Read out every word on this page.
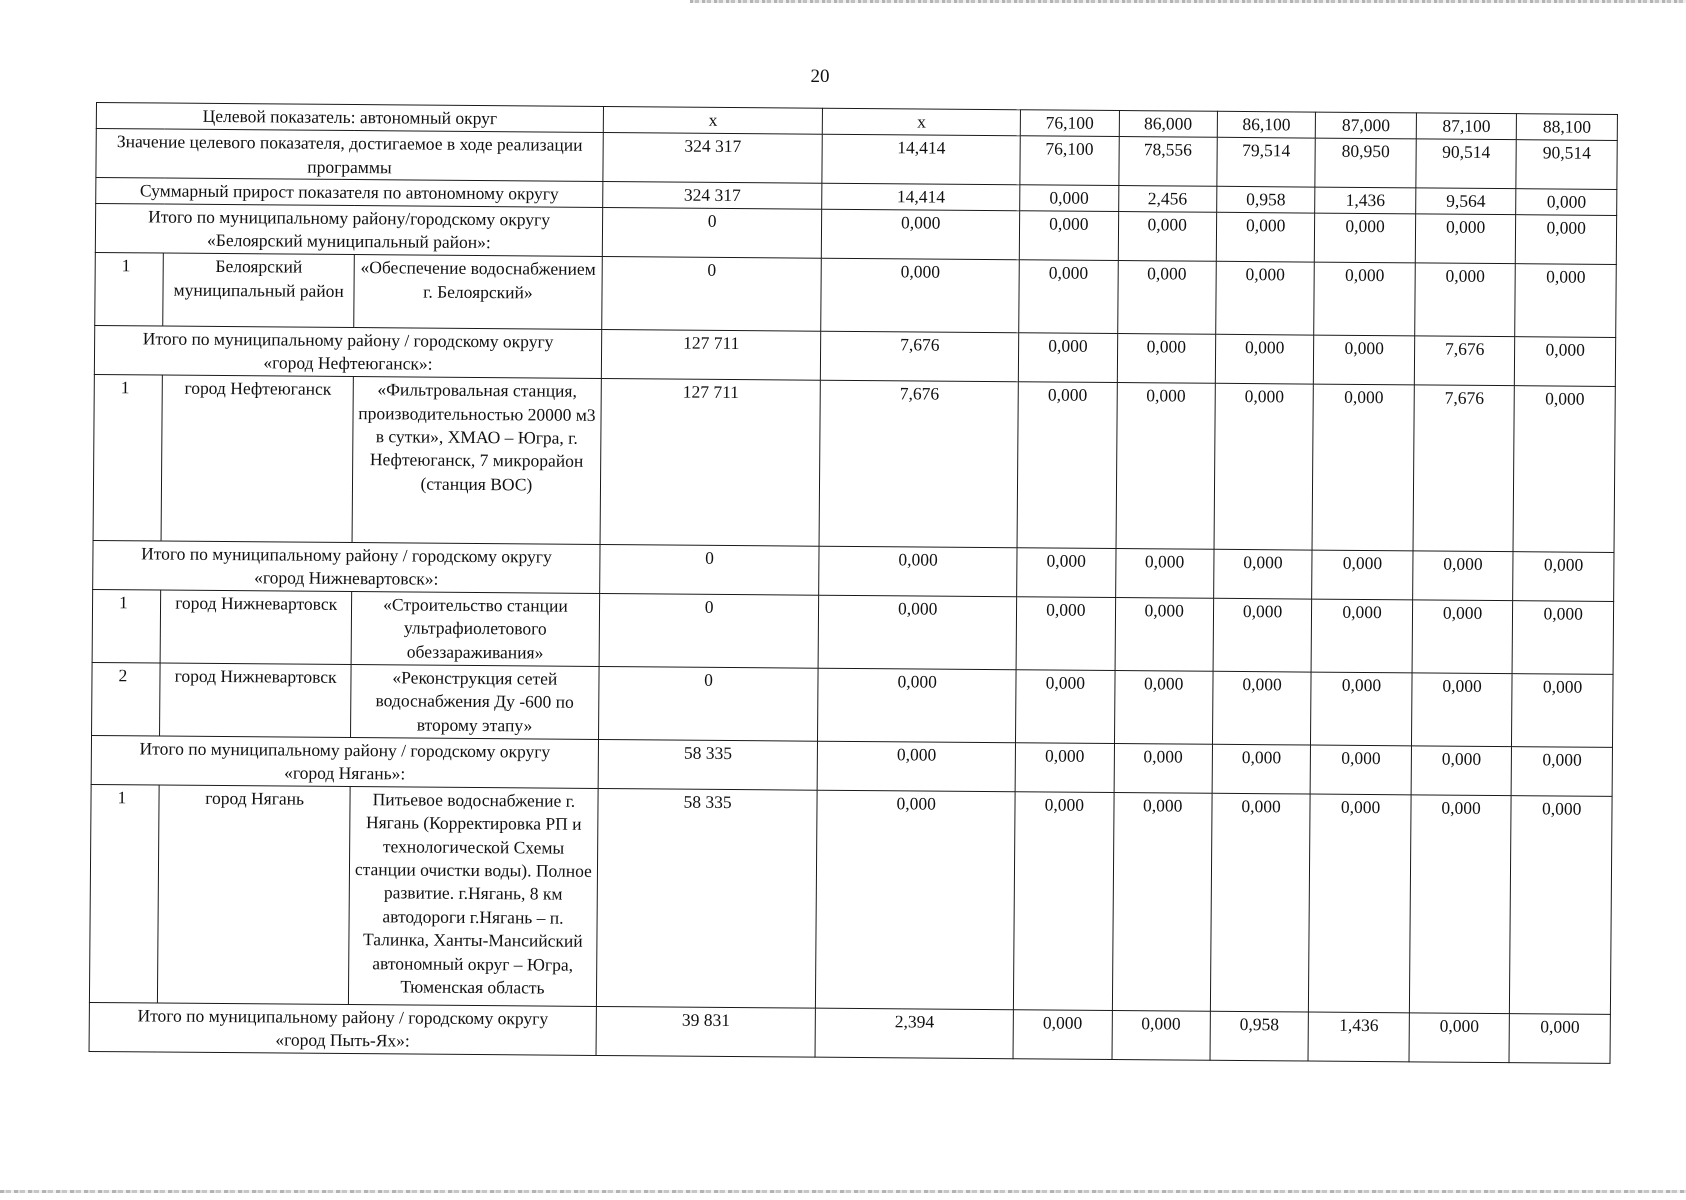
20
Целевой показатель: автономный округ			х	х	76,100	86,000	86,100	87,000	87,100	88,100
Значение целевого показателя, достигаемое в ходе реализации программы			324 317	14,414	76,100	78,556	79,514	80,950	90,514	90,514
Суммарный прирост показателя по автономному округу			324 317	14,414	0,000	2,456	0,958	1,436	9,564	0,000
Итого по муниципальному району/городскому округу
«Белоярский муниципальный район»:			0	0,000	0,000	0,000	0,000	0,000	0,000	0,000
1	Белоярский муниципальный район	«Обеспечение водоснабжением
г. Белоярский»	0	0,000	0,000	0,000	0,000	0,000	0,000	0,000
Итого по муниципальному району / городскому округу
«город Нефтеюганск»:			127 711	7,676	0,000	0,000	0,000	0,000	7,676	0,000
1	город Нефтеюганск	«Фильтровальная станция, производительностью 20000 м3 в сутки», ХМАО – Югра, г. Нефтеюганск, 7 микрорайон (станция ВОС)	127 711	7,676	0,000	0,000	0,000	0,000	7,676	0,000
Итого по муниципальному району / городскому округу
«город Нижневартовск»:			0	0,000	0,000	0,000	0,000	0,000	0,000	0,000
1	город Нижневартовск	«Строительство станции ультрафиолетового обеззараживания»	0	0,000	0,000	0,000	0,000	0,000	0,000	0,000
2	город Нижневартовск	«Реконструкция сетей водоснабжения Ду -600 по второму этапу»	0	0,000	0,000	0,000	0,000	0,000	0,000	0,000
Итого по муниципальному району / городскому округу
«город Нягань»:			58 335	0,000	0,000	0,000	0,000	0,000	0,000	0,000
1	город Нягань	Питьевое водоснабжение г. Нягань (Корректировка РП и технологической Схемы станции очистки воды). Полное развитие. г.Нягань, 8 км автодороги г.Нягань – п. Талинка, Ханты-Мансийский автономный округ – Югра, Тюменская область	58 335	0,000	0,000	0,000	0,000	0,000	0,000	0,000
Итого по муниципальному району / городскому округу
«город Пыть-Ях»:			39 831	2,394	0,000	0,000	0,958	1,436	0,000	0,000
